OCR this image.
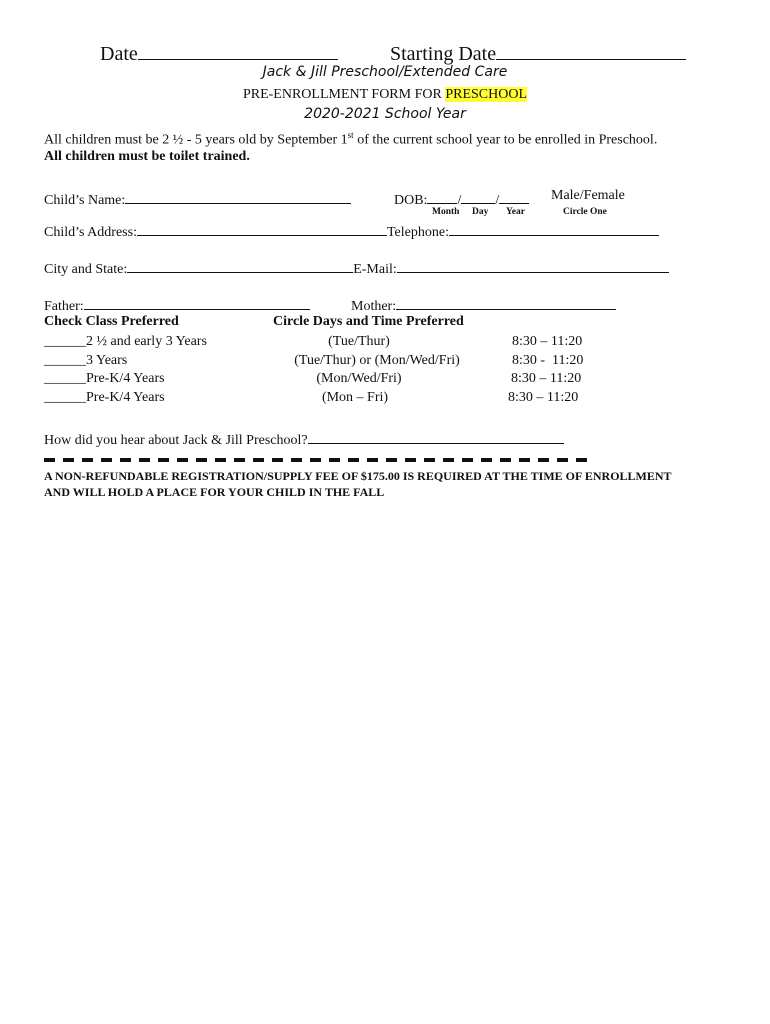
Date	Starting Date

Jack & Jill Preschool/Extended Care
PRE-ENROLLMENT FORM FOR PRESCHOOL
2020-2021 School Year
All children must be 2 ½ - 5 years old by September 1st of the current school year to be enrolled in Preschool.
All children must be toilet trained.
Child’s Name:	DOB: / /	Male/Female
Month Day Year	Circle One
Child’s Address:	Telephone:
City and State:	E-Mail:
Father:	Mother:
Check Class Preferred	Circle Days and Time Preferred
______2 ½ and early 3 Years	(Tue/Thur)	8:30 – 11:20
______3 Years	(Tue/Thur) or (Mon/Wed/Fri)	8:30 -  11:20
______Pre-K/4 Years	(Mon/Wed/Fri)	8:30 – 11:20
______Pre-K/4 Years	(Mon – Fri)	8:30 – 11:20
How did you hear about Jack & Jill Preschool?
A NON-REFUNDABLE REGISTRATION/SUPPLY FEE OF $175.00 IS REQUIRED AT THE TIME OF ENROLLMENT
AND WILL HOLD A PLACE FOR YOUR CHILD IN THE FALL
